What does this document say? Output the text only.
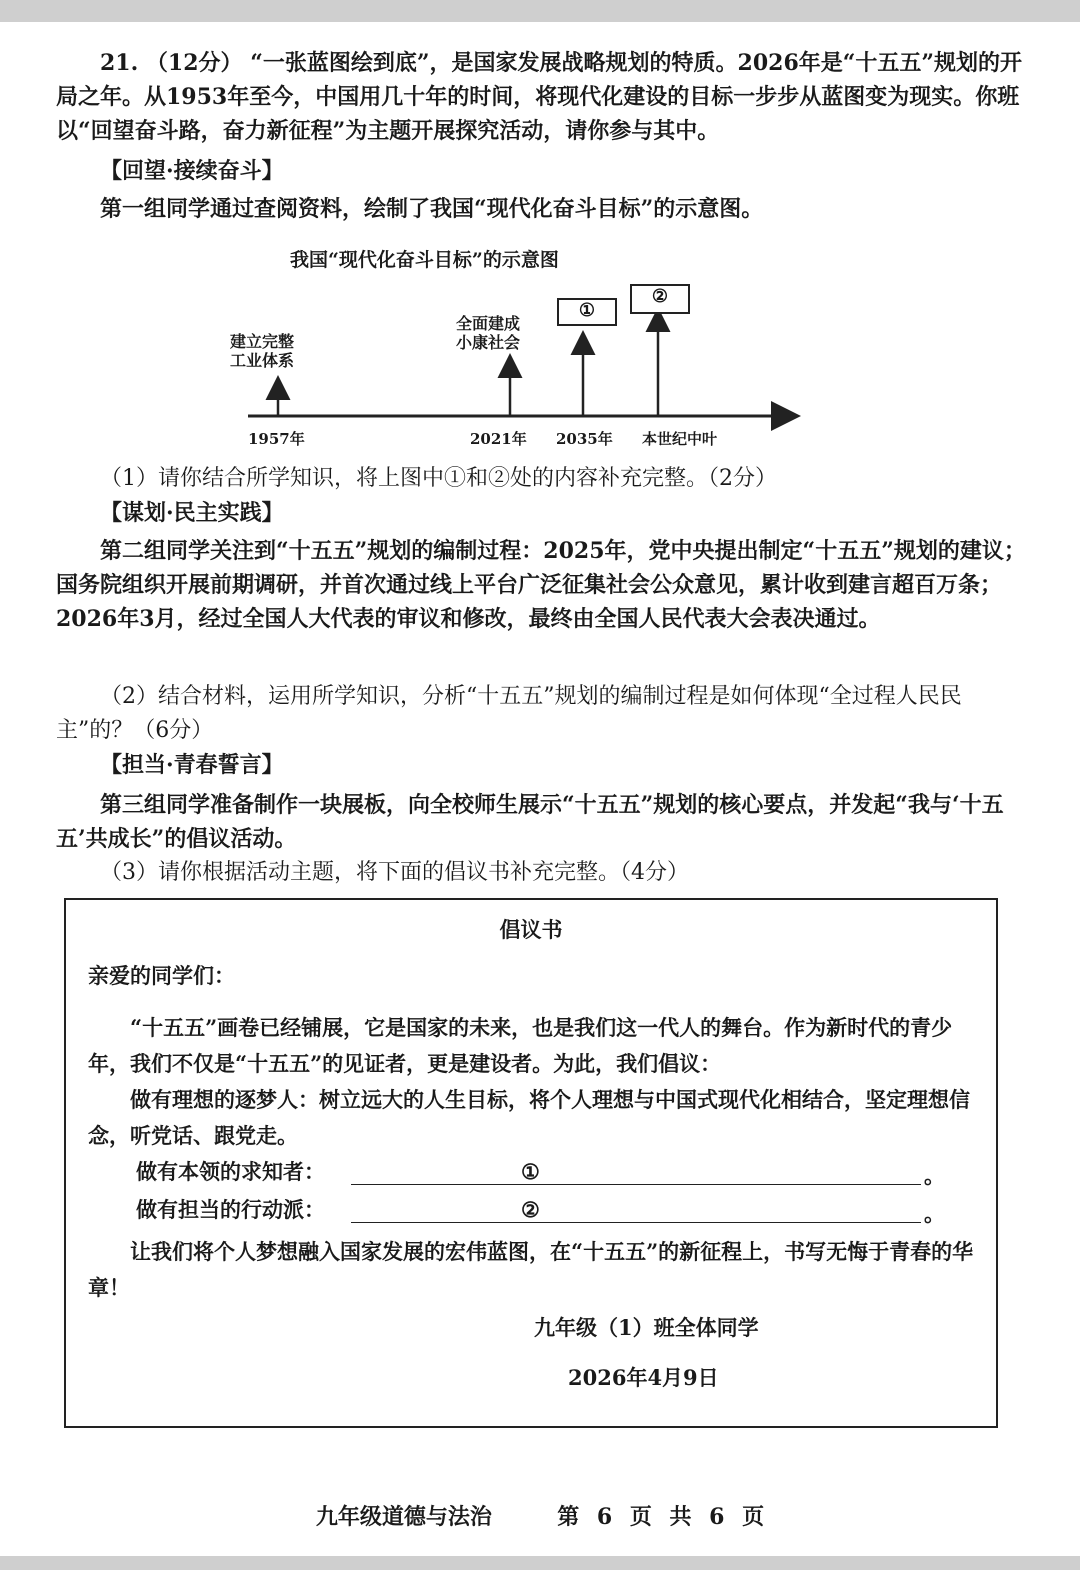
21. （12分） “一张蓝图绘到底”，是国家发展战略规划的特质。2026年是“十五五”规划的开局之年。从1953年至今，中国用几十年的时间，将现代化建设的目标一步步从蓝图变为现实。你班以“回望奋斗路，奋力新征程”为主题开展探究活动，请你参与其中。

【回望·接续奋斗】

第一组同学通过查阅资料，绘制了我国“现代化奋斗目标”的示意图。

我国“现代化奋斗目标”的示意图
建立完整
工业体系
全面建成
小康社会
①
②
1957年	2021年 2035年 本世纪中叶

（1）请你结合所学知识，将上图中①和②处的内容补充完整。（2分）

【谋划·民主实践】

第二组同学关注到“十五五”规划的编制过程：2025年，党中央提出制定“十五五”规划的建议；国务院组织开展前期调研，并首次通过线上平台广泛征集社会公众意见，累计收到建言超百万条；2026年3月，经过全国人大代表的审议和修改，最终由全国人民代表大会表决通过。

（2）结合材料，运用所学知识，分析“十五五”规划的编制过程是如何体现“全过程人民民主”的？（6分）

【担当·青春誓言】

第三组同学准备制作一块展板，向全校师生展示“十五五”规划的核心要点，并发起“我与‘十五五’共成长”的倡议活动。

（3）请你根据活动主题，将下面的倡议书补充完整。（4分）

倡议书

亲爱的同学们：

“十五五”画卷已经铺展，它是国家的未来，也是我们这一代人的舞台。作为新时代的青少年，我们不仅是“十五五”的见证者，更是建设者。为此，我们倡议：

做有理想的逐梦人：树立远大的人生目标，将个人理想与中国式现代化相结合，坚定理想信念，听党话、跟党走。

做有本领的求知者：	①	。
做有担当的行动派：	②	。

让我们将个人梦想融入国家发展的宏伟蓝图，在“十五五”的新征程上，书写无悔于青春的华章！

九年级（1）班全体同学
2026年4月9日
九年级道德与法治	第 6 页 共 6 页
